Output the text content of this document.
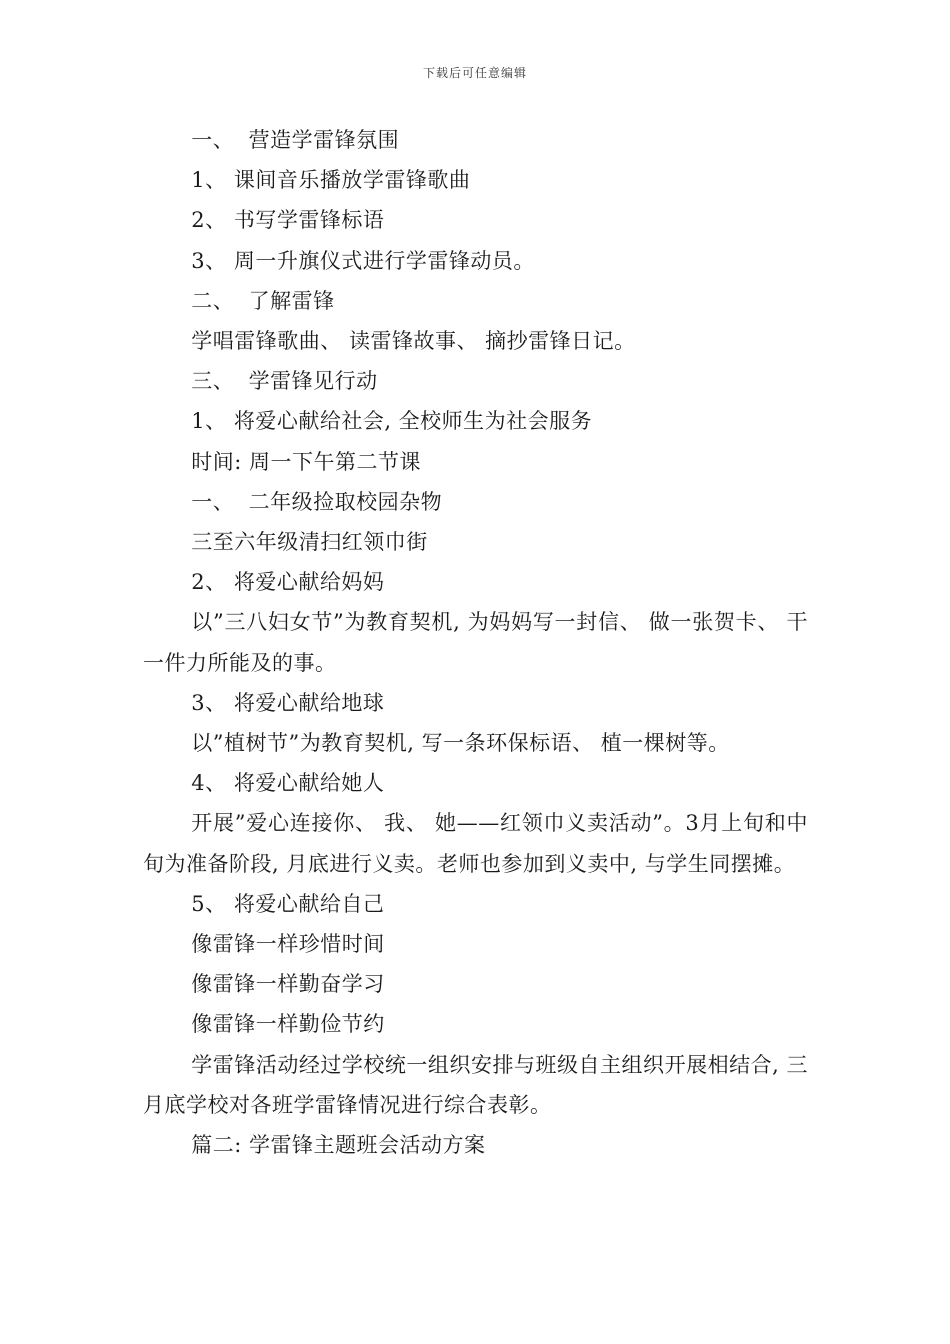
下载后可任意编辑

一、  营造学雷锋氛围

1、 课间音乐播放学雷锋歌曲

2、 书写学雷锋标语

3、 周一升旗仪式进行学雷锋动员。

二、  了解雷锋

学唱雷锋歌曲、 读雷锋故事、 摘抄雷锋日记。

三、  学雷锋见行动

1、 将爱心献给社会, 全校师生为社会服务

时间: 周一下午第二节课

一、  二年级捡取校园杂物

三至六年级清扫红领巾街

2、 将爱心献给妈妈

以”三八妇女节”为教育契机, 为妈妈写一封信、 做一张贺卡、 干一件力所能及的事。

3、 将爱心献给地球

以”植树节”为教育契机, 写一条环保标语、 植一棵树等。

4、 将爱心献给她人

开展”爱心连接你、 我、 她——红领巾义卖活动”。3月上旬和中旬为准备阶段, 月底进行义卖。老师也参加到义卖中, 与学生同摆摊。

5、 将爱心献给自己

像雷锋一样珍惜时间

像雷锋一样勤奋学习

像雷锋一样勤俭节约

学雷锋活动经过学校统一组织安排与班级自主组织开展相结合, 三月底学校对各班学雷锋情况进行综合表彰。

篇二: 学雷锋主题班会活动方案
